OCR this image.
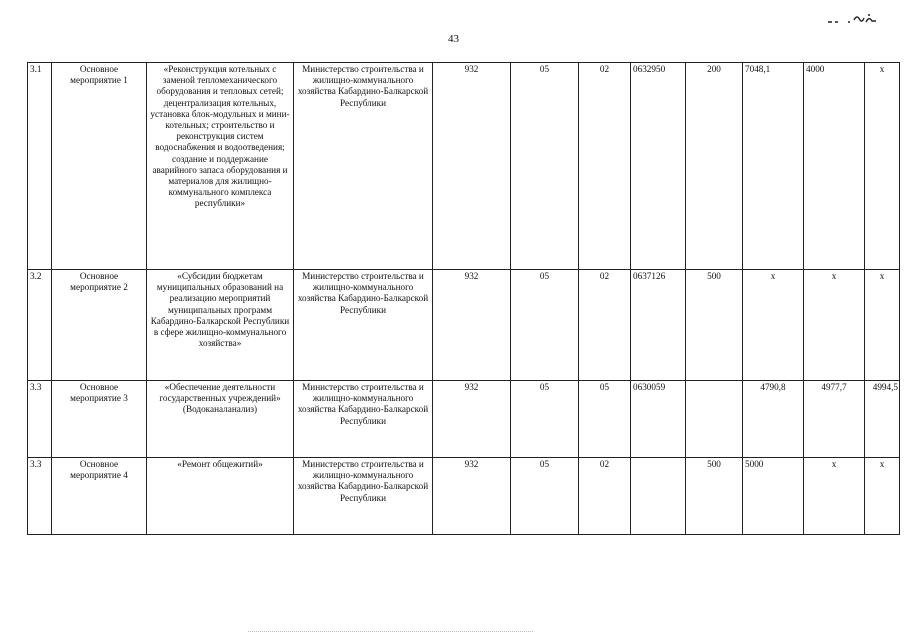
43
3.1	Основное мероприятие 1	«Реконструкция котельных с заменой тепломеханического оборудования и тепловых сетей; децентрализация котельных, установка блок-модульных и мини-котельных; строительство и реконструкция систем водоснабжения и водоотведения; создание и поддержание аварийного запаса оборудования и материалов для жилищно-коммунального комплекса республики»	Министерство строительства и жилищно-коммунального хозяйства Кабардино-Балкарской Республики	932	05	02	0632950	200	7048,1	4000	x
3.2	Основное мероприятие 2	«Субсидии бюджетам муниципальных образований на реализацию мероприятий муниципальных программ Кабардино-Балкарской Республики в сфере жилищно-коммунального хозяйства»	Министерство строительства и жилищно-коммунального хозяйства Кабардино-Балкарской Республики	932	05	02	0637126	500	x	x	x
3.3	Основное мероприятие 3	«Обеспечение деятельности государственных учреждений» (Водоканаланализ)	Министерство строительства и жилищно-коммунального хозяйства Кабардино-Балкарской Республики	932	05	05	0630059		4790,8	4977,7	4994,5
3.3	Основное мероприятие 4	«Ремонт общежитий»	Министерство строительства и жилищно-коммунального хозяйства Кабардино-Балкарской Республики	932	05	02		500	5000	x	x
